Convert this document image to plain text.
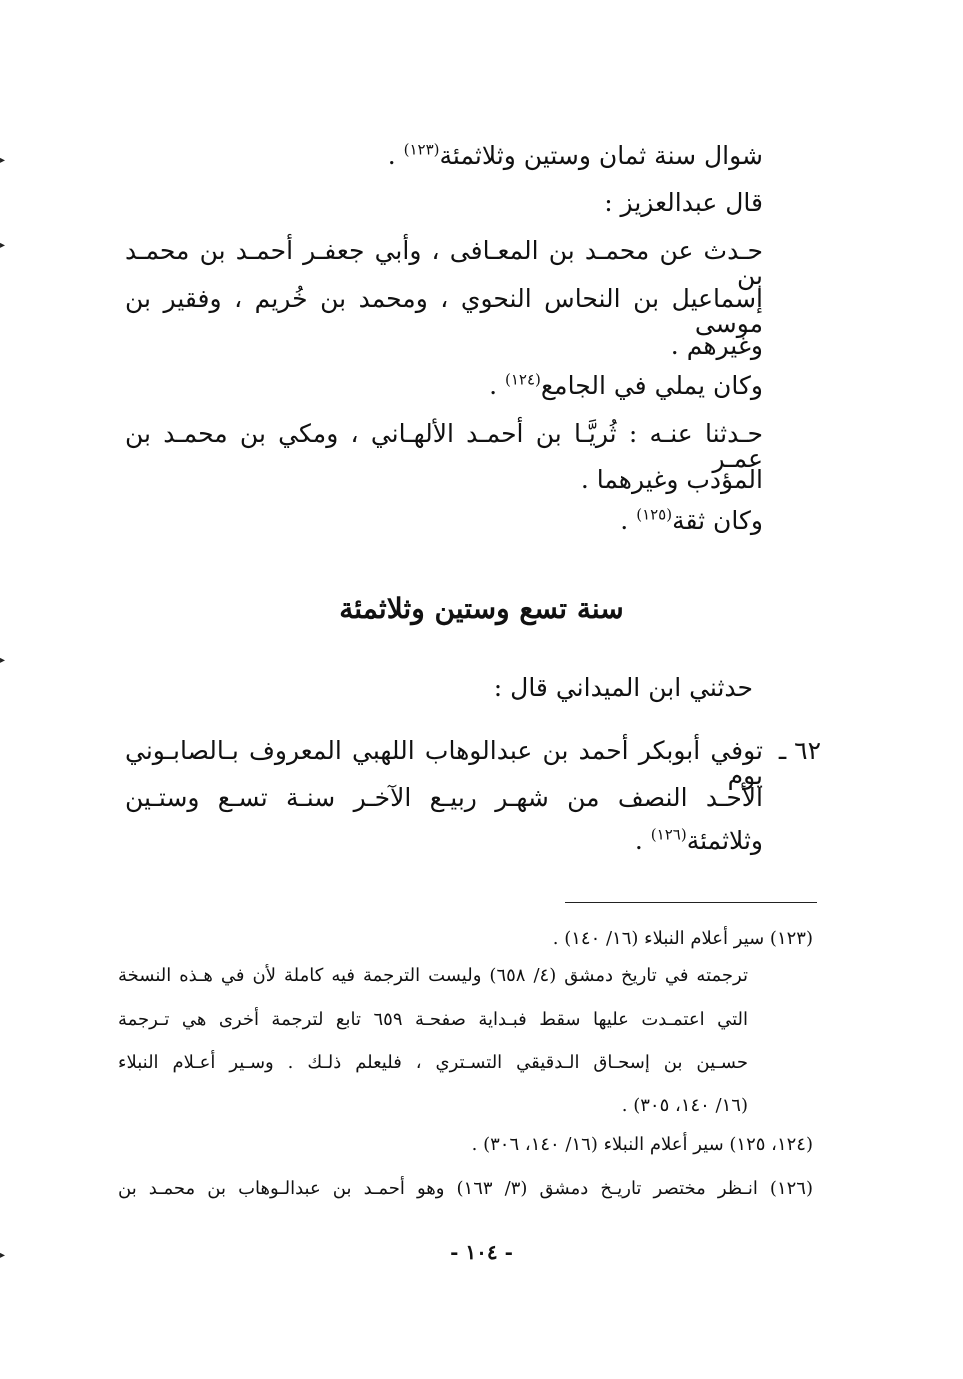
شوال سنة ثمان وستين وثلاثمئة$^{(١٢٣)}$ .
قال عبدالعزيز :
حـدث عن محمـد بن المعـافى ، وأبي جعفـر أحمـد بن محمـد بن
إسماعيل بن النحاس النحوي ، ومحمد بن خُريم ، وفقير بن موسى
وغيرهم .
وكان يملي في الجامع$^{(١٢٤)}$ .
حـدثنا عنـه : ثُريَّـا بن أحمـد الألهـاني ، ومكي بن محمـد بن عمـر
المؤدب وغيرهما .
وكان ثقة$^{(١٢٥)}$ .
سنة تسع وستين وثلاثمئة
حدثني ابن الميداني قال :
٦٢ ـ
توفي أبوبكر أحمد بن عبدالوهاب اللهبي المعروف بـالصابـوني يوم
الأحـد النصف من شهـر ربيـع الآخـر سنـة تسـع وستـين
وثلاثمئة$^{(١٢٦)}$ .
(١٢٣) سير أعلام النبلاء (١٦/ ١٤٠) .
ترجمته في تاريخ دمشق (٤/ ٦٥٨) وليست الترجمة فيه كاملة لأن في هـذه النسخة
التي اعتمـدت عليها سقط فبـداية صفحـة ٦٥٩ تابع لترجمة أخرى هي تـرجمة
حسـين بن إسحـاق الـدقيقي التسـتري ، فليعلم ذلـك . وسـير أعـلام النبلاء
(١٦/ ١٤٠، ٣٠٥) .
(١٢٤، ١٢٥) سير أعلام النبلاء (١٦/ ١٤٠، ٣٠٦) .
(١٢٦) انـظر مختصر تاريـخ دمشق (٣/ ١٦٣) وهو أحمـد بن عبدالـوهاب بن محمـد بن
- ١٠٤ -
▸
▸
▸
▸
